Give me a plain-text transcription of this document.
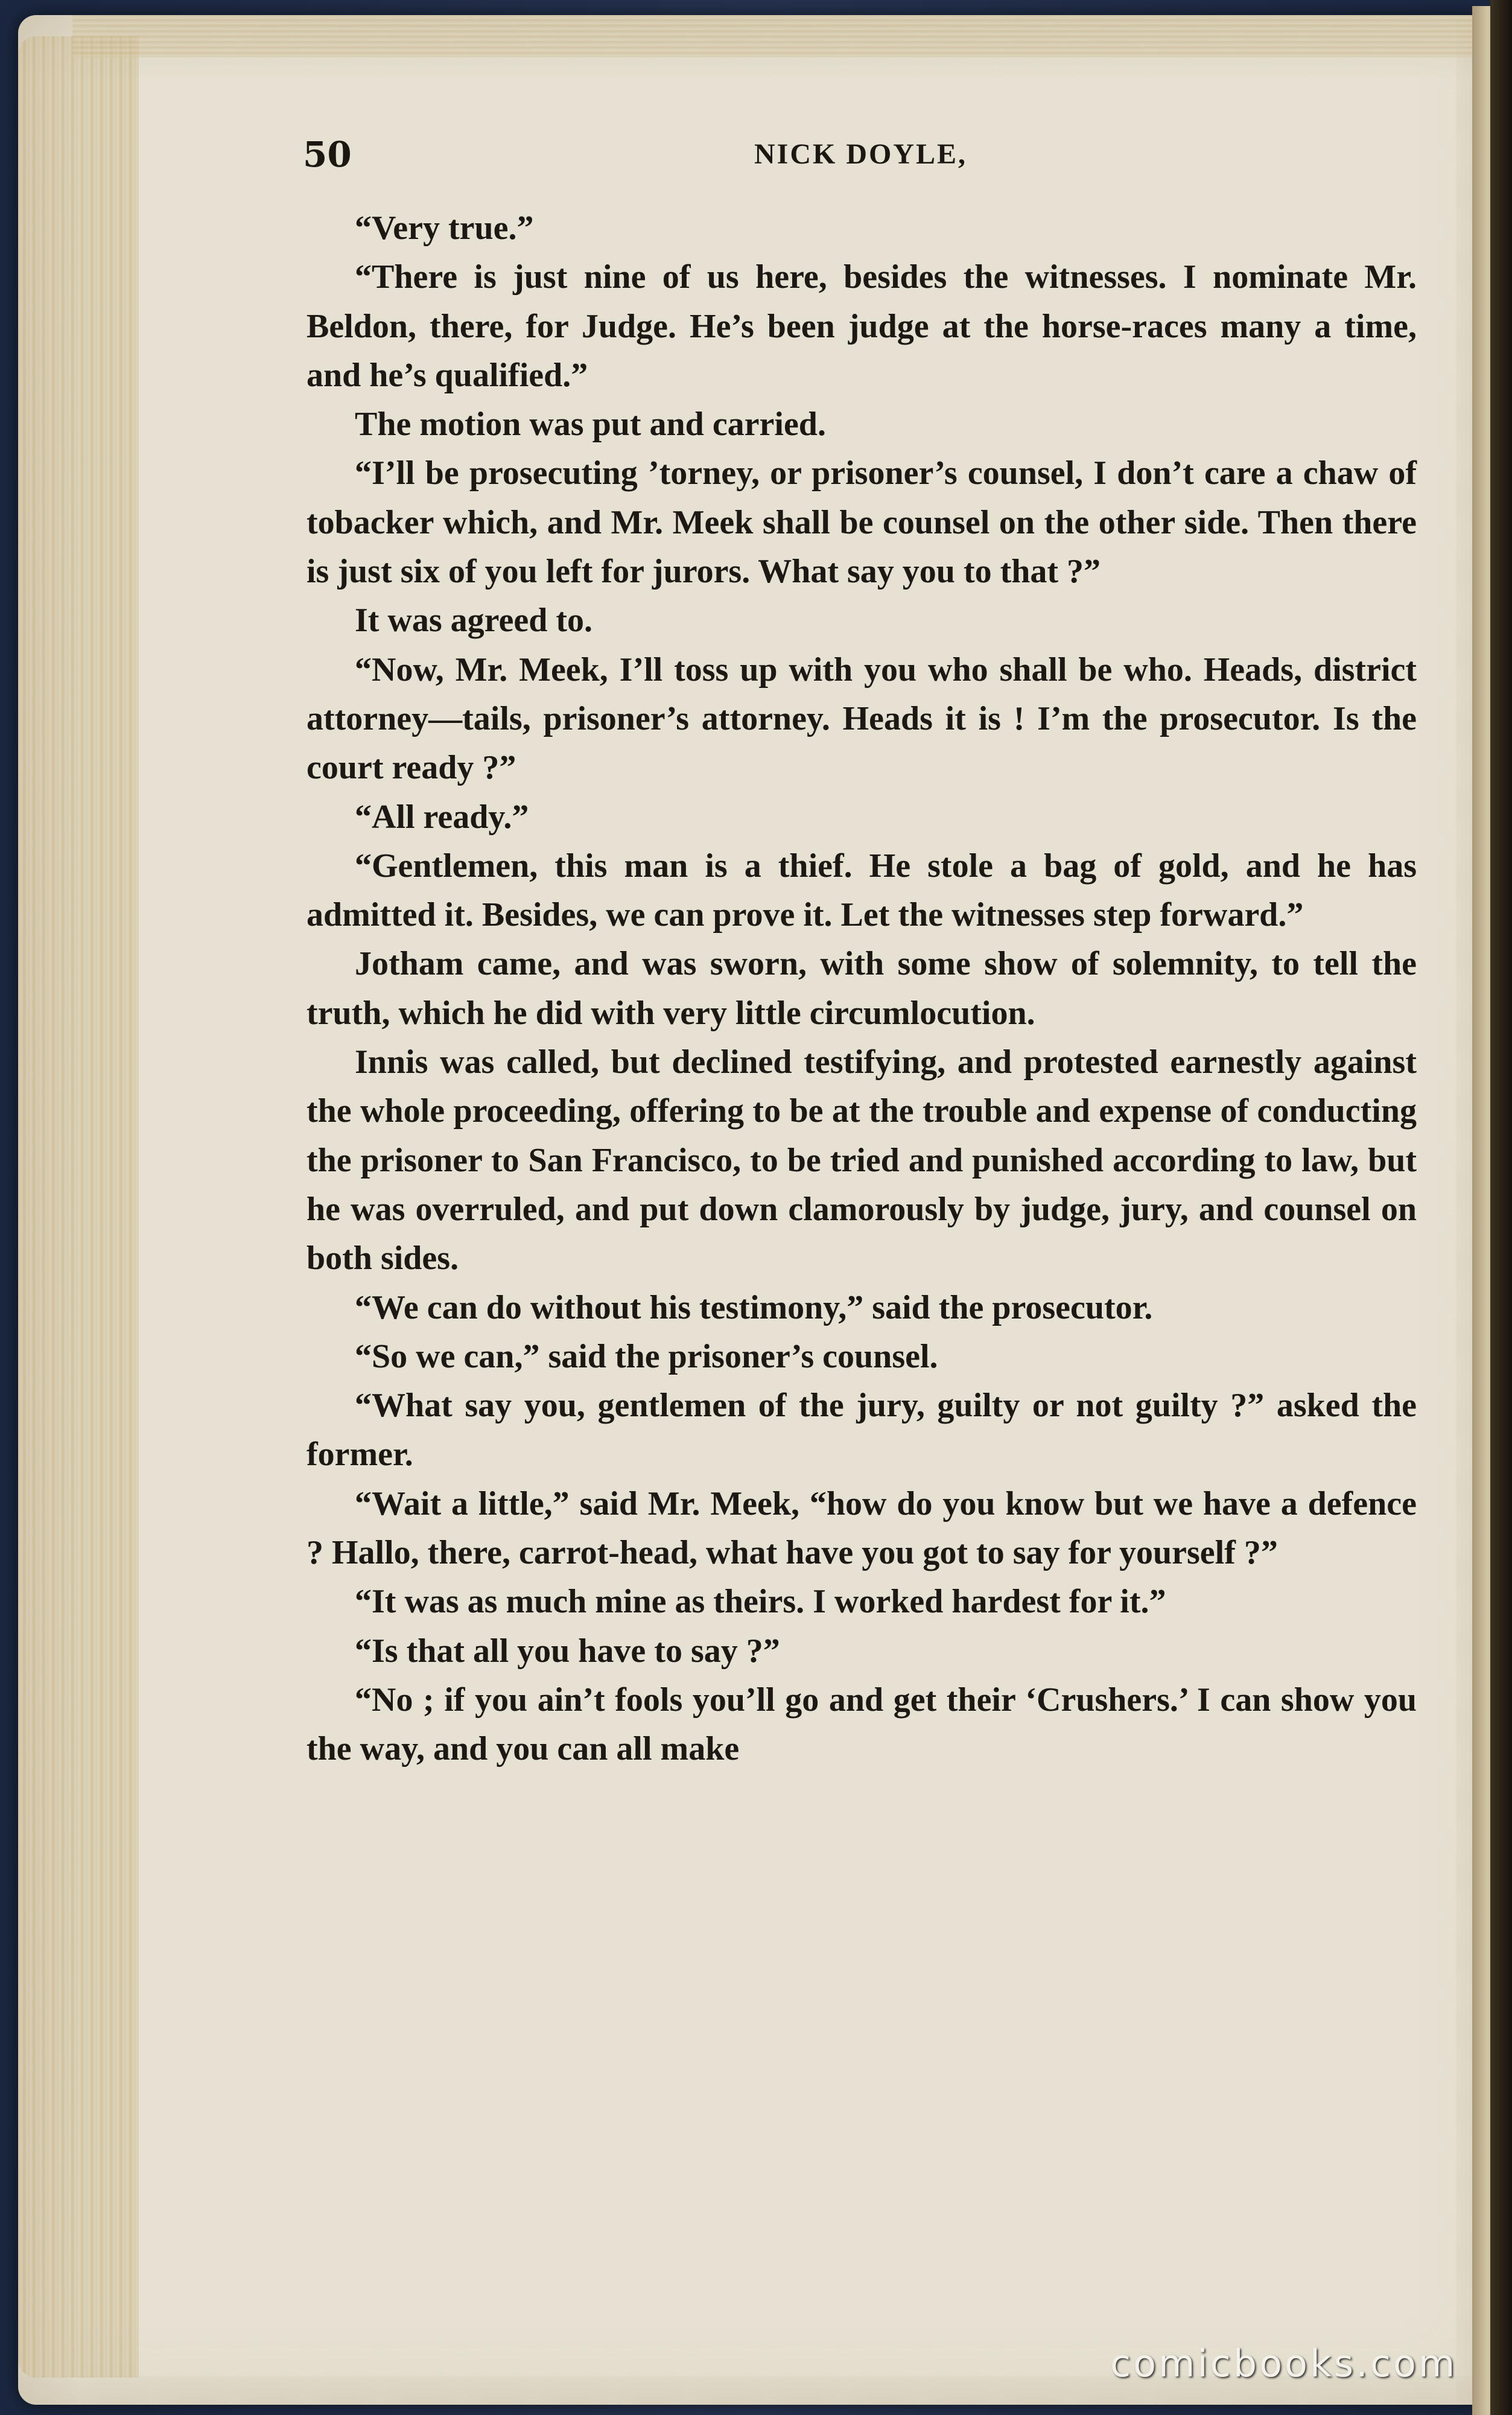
50	NICK DOYLE,

“Very true.”

“There is just nine of us here, besides the witnesses. I nominate Mr. Beldon, there, for Judge. He’s been judge at the horse-races many a time, and he’s qualified.”

The motion was put and carried.

“I’ll be prosecuting ’torney, or prisoner’s counsel, I don’t care a chaw of tobacker which, and Mr. Meek shall be counsel on the other side. Then there is just six of you left for jurors. What say you to that ?”

It was agreed to.

“Now, Mr. Meek, I’ll toss up with you who shall be who. Heads, district attorney—tails, prisoner’s attorney. Heads it is ! I’m the prosecutor. Is the court ready ?”

“All ready.”

“Gentlemen, this man is a thief. He stole a bag of gold, and he has admitted it. Besides, we can prove it. Let the witnesses step forward.”

Jotham came, and was sworn, with some show of solemnity, to tell the truth, which he did with very little circumlocution.

Innis was called, but declined testifying, and protested earnestly against the whole proceeding, offering to be at the trouble and expense of conducting the prisoner to San Francisco, to be tried and punished according to law, but he was overruled, and put down clamorously by judge, jury, and counsel on both sides.

“We can do without his testimony,” said the prosecutor.

“So we can,” said the prisoner’s counsel.

“What say you, gentlemen of the jury, guilty or not guilty ?” asked the former.

“Wait a little,” said Mr. Meek, “how do you know but we have a defence ? Hallo, there, carrot-head, what have you got to say for yourself ?”

“It was as much mine as theirs. I worked hardest for it.”

“Is that all you have to say ?”

“No ; if you ain’t fools you’ll go and get their ‘Crushers.’ I can show you the way, and you can all make

comicbooks.com
